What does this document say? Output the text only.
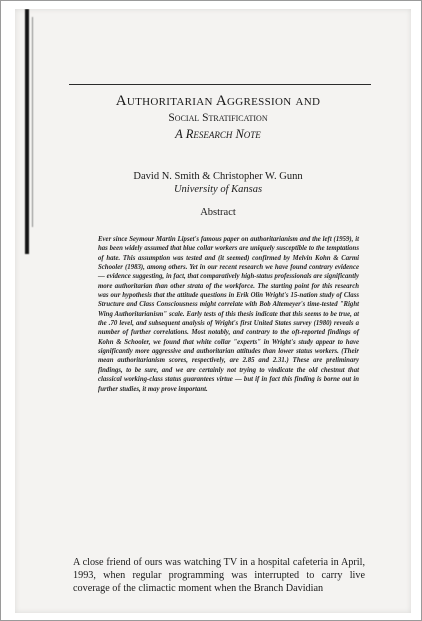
Authoritarian Aggression and
Social Stratification
A Research Note
David N. Smith & Christopher W. Gunn
University of Kansas
Abstract

Ever since Seymour Martin Lipset's famous paper on authoritarianism and the left (1959), it has been widely assumed that blue collar workers are uniquely susceptible to the temptations of hate. This assumption was tested and (it seemed) confirmed by Melvin Kohn & Carmi Schooler (1983), among others. Yet in our recent research we have found contrary evidence — evidence suggesting, in fact, that comparatively high-status professionals are significantly more authoritarian than other strata of the workforce. The starting point for this research was our hypothesis that the attitude questions in Erik Olin Wright's 15-nation study of Class Structure and Class Consciousness might correlate with Bob Altemeyer's time-tested "Right Wing Authoritarianism" scale. Early tests of this thesis indicate that this seems to be true, at the .70 level, and subsequent analysis of Wright's first United States survey (1980) reveals a number of further correlations. Most notably, and contrary to the oft-reported findings of Kohn & Schooler, we found that white collar "experts" in Wright's study appear to have significantly more aggressive and authoritarian attitudes than lower status workers. (Their mean authoritarianism scores, respectively, are 2.85 and 2.31.) These are preliminary findings, to be sure, and we are certainly not trying to vindicate the old chestnut that classical working-class status guarantees virtue — but if in fact this finding is borne out in further studies, it may prove important.

A close friend of ours was watching TV in a hospital cafeteria in April, 1993, when regular programming was interrupted to carry live coverage of the climactic moment when the Branch Davidian
